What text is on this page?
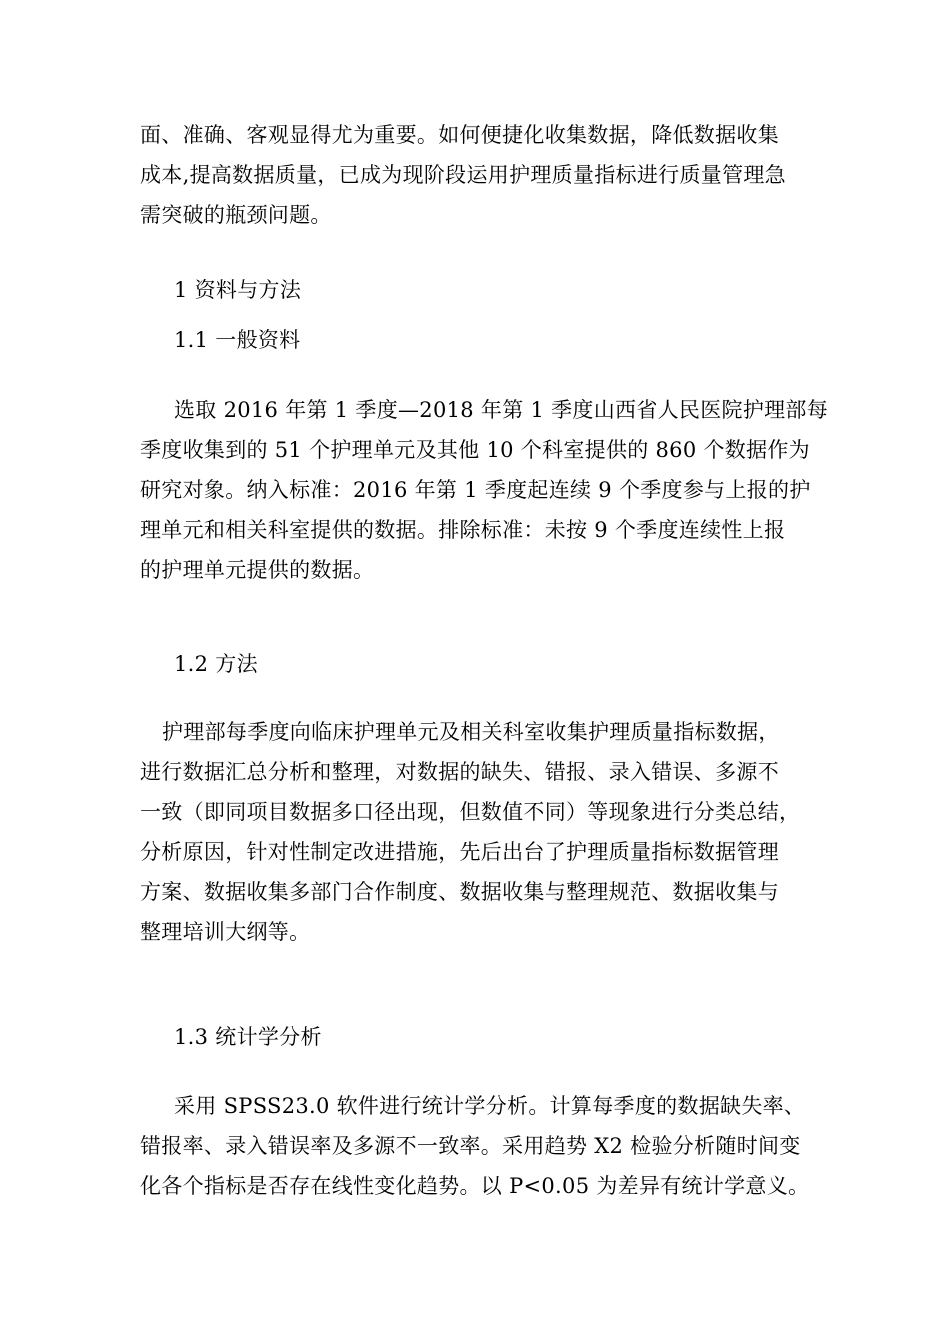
面、准确、客观显得尤为重要。如何便捷化收集数据，降低数据收集
成本,提高数据质量，已成为现阶段运用护理质量指标进行质量管理急
需突破的瓶颈问题。

1 资料与方法
1.1 一般资料

选取 2016 年第 1 季度—2018 年第 1 季度山西省人民医院护理部每
季度收集到的 51 个护理单元及其他 10 个科室提供的 860 个数据作为
研究对象。纳入标准：2016 年第 1 季度起连续 9 个季度参与上报的护
理单元和相关科室提供的数据。排除标准：未按 9 个季度连续性上报
的护理单元提供的数据。

1.2 方法

护理部每季度向临床护理单元及相关科室收集护理质量指标数据，
进行数据汇总分析和整理，对数据的缺失、错报、录入错误、多源不
一致（即同项目数据多口径出现，但数值不同）等现象进行分类总结，
分析原因，针对性制定改进措施，先后出台了护理质量指标数据管理
方案、数据收集多部门合作制度、数据收集与整理规范、数据收集与
整理培训大纲等。

1.3 统计学分析

采用 SPSS23.0 软件进行统计学分析。计算每季度的数据缺失率、
错报率、录入错误率及多源不一致率。采用趋势 X2 检验分析随时间变
化各个指标是否存在线性变化趋势。以 P<0.05 为差异有统计学意义。
